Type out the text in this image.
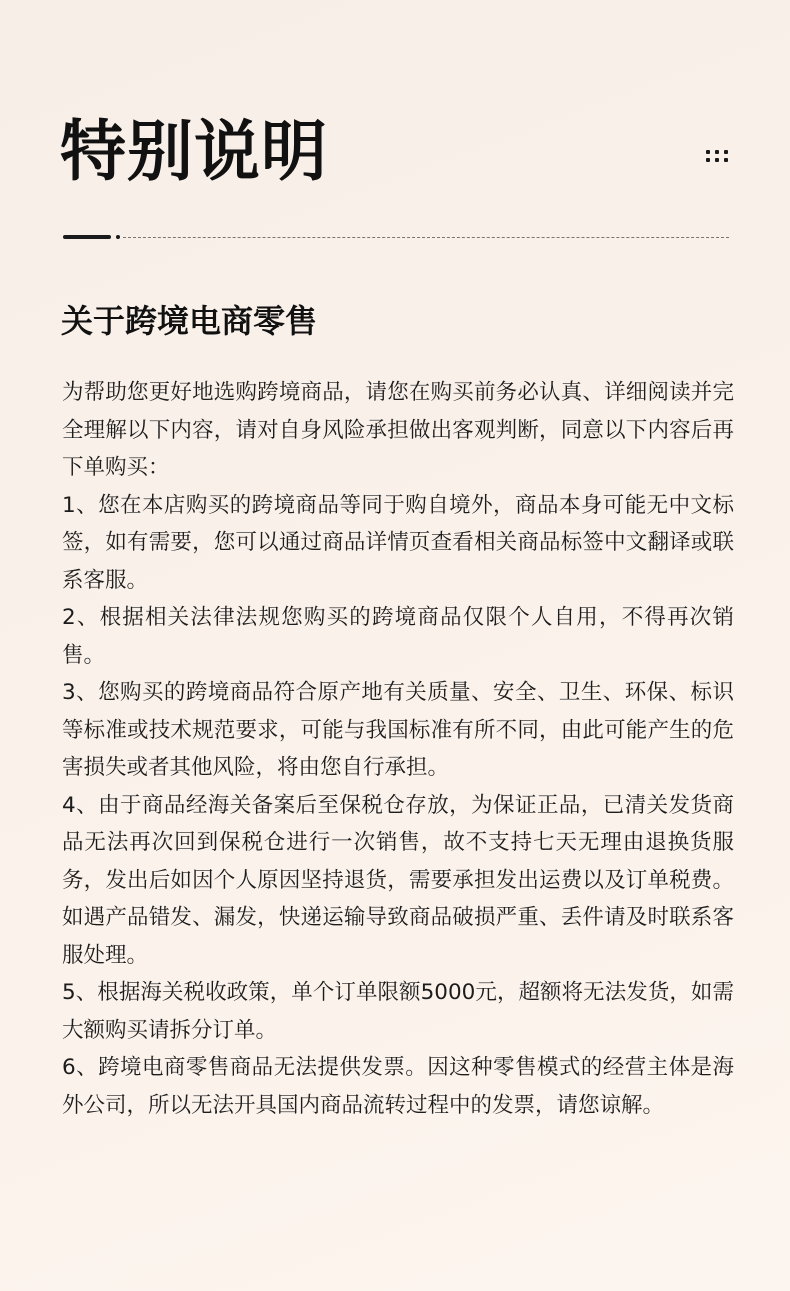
特别说明
关于跨境电商零售

为帮助您更好地选购跨境商品，请您在购买前务必认真、详细阅读并完全理解以下内容，请对自身风险承担做出客观判断，同意以下内容后再下单购买：

1、您在本店购买的跨境商品等同于购自境外，商品本身可能无中文标签，如有需要，您可以通过商品详情页查看相关商品标签中文翻译或联系客服。

2、根据相关法律法规您购买的跨境商品仅限个人自用，不得再次销售。

3、您购买的跨境商品符合原产地有关质量、安全、卫生、环保、标识等标准或技术规范要求，可能与我国标准有所不同，由此可能产生的危害损失或者其他风险，将由您自行承担。

4、由于商品经海关备案后至保税仓存放，为保证正品，已清关发货商品无法再次回到保税仓进行一次销售，故不支持七天无理由退换货服务，发出后如因个人原因坚持退货，需要承担发出运费以及订单税费。如遇产品错发、漏发，快递运输导致商品破损严重、丢件请及时联系客服处理。

5、根据海关税收政策，单个订单限额5000元，超额将无法发货，如需大额购买请拆分订单。

6、跨境电商零售商品无法提供发票。因这种零售模式的经营主体是海外公司，所以无法开具国内商品流转过程中的发票，请您谅解。
